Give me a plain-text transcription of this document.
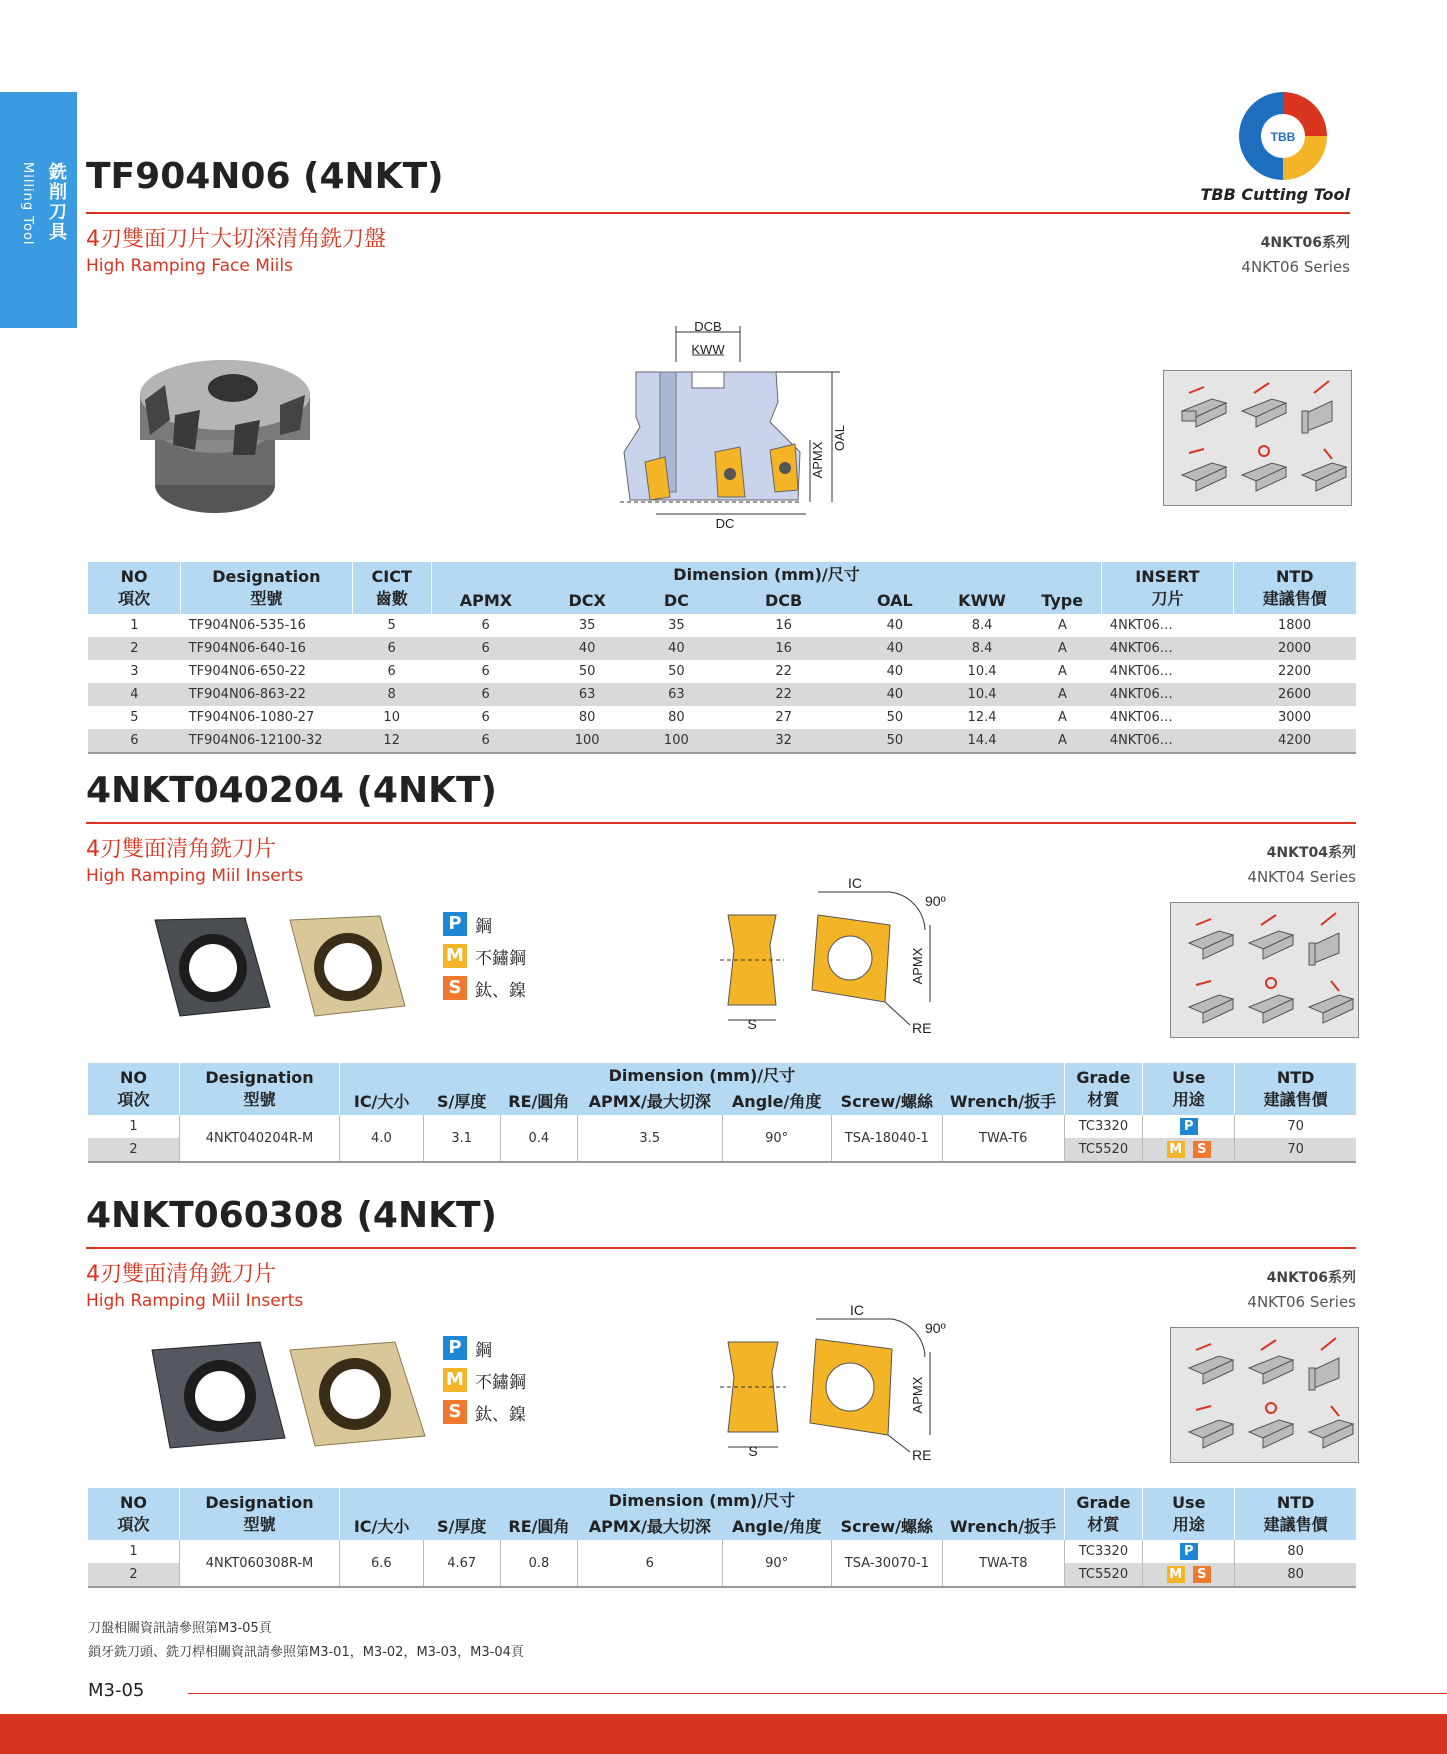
銑削刀具
Milling Tool
TBB
TBB Cutting Tool
TF904N06 (4NKT)
4刃雙面刀片大切深清角銑刀盤
High Ramping Face Miils
4NKT06系列
4NKT06 Series
DCB
KWW
DC
APMX
OAL
NO
項次	Designation
型號	CICT
齒數	Dimension (mm)/尺寸							INSERT
刀片	NTD
建議售價
			APMX	DCX	DC	DCB	OAL	KWW	Type		
1	TF904N06-535-16	5	6	35	35	16	40	8.4	A	4NKT06…	1800
2	TF904N06-640-16	6	6	40	40	16	40	8.4	A	4NKT06…	2000
3	TF904N06-650-22	6	6	50	50	22	40	10.4	A	4NKT06…	2200
4	TF904N06-863-22	8	6	63	63	22	40	10.4	A	4NKT06…	2600
5	TF904N06-1080-27	10	6	80	80	27	50	12.4	A	4NKT06…	3000
6	TF904N06-12100-32	12	6	100	100	32	50	14.4	A	4NKT06…	4200
4NKT040204 (4NKT)
4刃雙面清角銑刀片
High Ramping Miil Inserts
4NKT04系列
4NKT04 Series
P 鋼
M 不鏽鋼
S 鈦、鎳
S
IC
90º
APMX
RE
NO
項次	Designation
型號	Dimension (mm)/尺寸							Grade
材質	Use
用途	NTD
建議售價
		IC/大小	S/厚度	RE/圓角	APMX/最大切深	Angle/角度	Screw/螺絲	Wrench/扳手			
1	4NKT040204R-M	4.0	3.1	0.4	3.5	90°	TSA-18040-1	TWA-T6	TC3320	P	70
2									TC5520	M S	70
4NKT060308 (4NKT)
4刃雙面清角銑刀片
High Ramping Miil Inserts
4NKT06系列
4NKT06 Series
P 鋼
M 不鏽鋼
S 鈦、鎳
S
IC
90º
APMX
RE
NO
項次	Designation
型號	Dimension (mm)/尺寸							Grade
材質	Use
用途	NTD
建議售價
		IC/大小	S/厚度	RE/圓角	APMX/最大切深	Angle/角度	Screw/螺絲	Wrench/扳手			
1	4NKT060308R-M	6.6	4.67	0.8	6	90°	TSA-30070-1	TWA-T8	TC3320	P	80
2									TC5520	M S	80
刀盤相關資訊請參照第M3-05頁
鎖牙銑刀頭、銑刀桿相關資訊請參照第M3-01，M3-02，M3-03，M3-04頁
M3-05
